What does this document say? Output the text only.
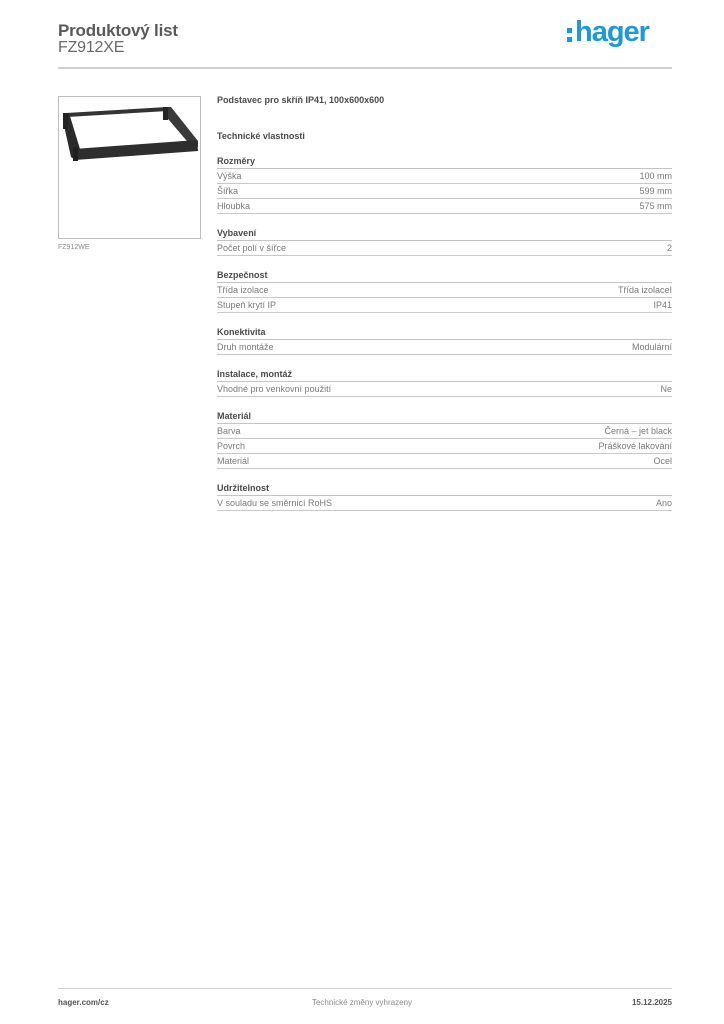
Produktový list
FZ912XE	hager
FZ912WE
Podstavec pro skříň IP41, 100x600x600
Technické vlastnosti
Rozměry
Výška	100 mm
Šířka	599 mm
Hloubka	575 mm
Vybavení
Počet polí v šířce	2
Bezpečnost
Třída izolace	Třída izolaceI
Stupeň krytí IP	IP41
Konektivita
Druh montáže	Modulární
Instalace, montáž
Vhodné pro venkovní použití	Ne
Materiál
Barva	Černá – jet black
Povrch	Práškové lakování
Materiál	Ocel
Udržitelnost
V souladu se směrnicí RoHS	Ano
hager.com/cz	Technické změny vyhrazeny	15.12.2025
